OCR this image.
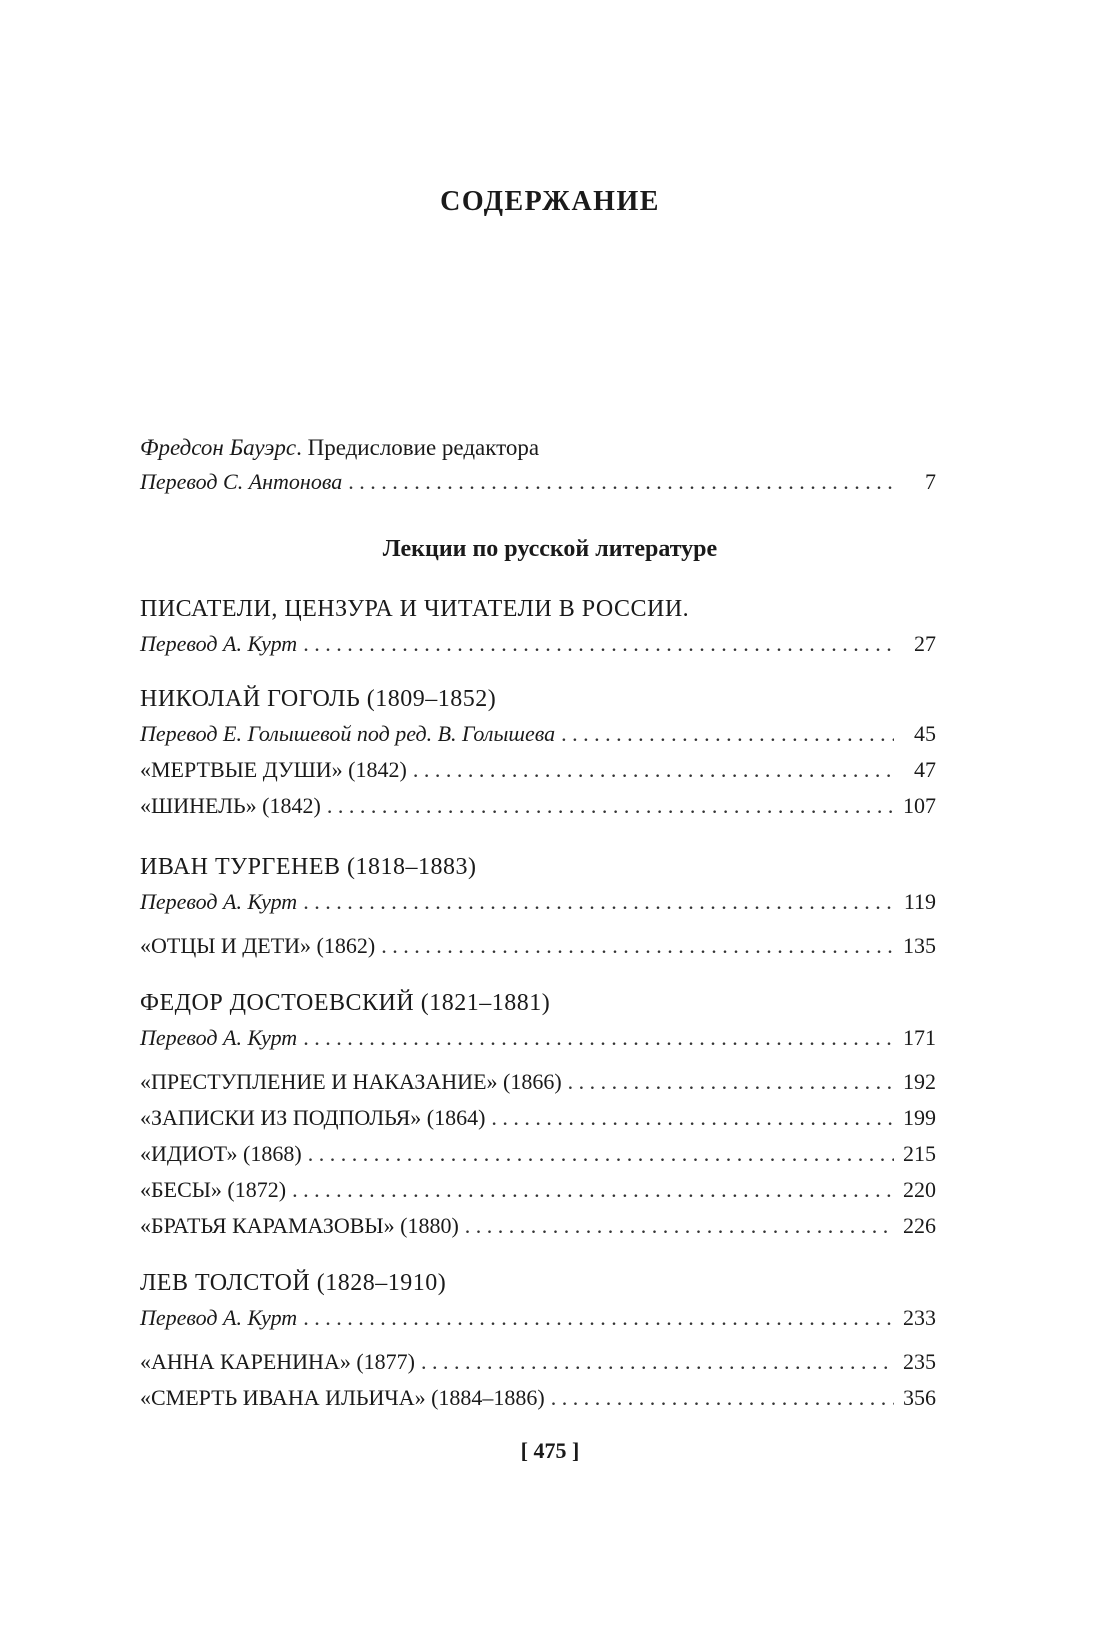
СОДЕРЖАНИЕ
Фредсон Бауэрс. Предисловие редактора
Перевод С. Антонова . . .	7
Лекции по русской литературе
ПИСАТЕЛИ, ЦЕНЗУРА И ЧИТАТЕЛИ В РОССИИ.
Перевод А. Курт . . .	27
НИКОЛАЙ ГОГОЛЬ (1809–1852)
Перевод Е. Голышевой под ред. В. Голышева . . .	45
«МЕРТВЫЕ ДУШИ» (1842) . . .	47
«ШИНЕЛЬ» (1842) . . .	107
ИВАН ТУРГЕНЕВ (1818–1883)
Перевод А. Курт . . .	119
«ОТЦЫ И ДЕТИ» (1862) . . .	135
ФЕДОР ДОСТОЕВСКИЙ (1821–1881)
Перевод А. Курт . . .	171
«ПРЕСТУПЛЕНИЕ И НАКАЗАНИЕ» (1866) . . .	192
«ЗАПИСКИ ИЗ ПОДПОЛЬЯ» (1864) . . .	199
«ИДИОТ» (1868) . . .	215
«БЕСЫ» (1872) . . .	220
«БРАТЬЯ КАРАМАЗОВЫ» (1880) . . .	226
ЛЕВ ТОЛСТОЙ (1828–1910)
Перевод А. Курт . . .	233
«АННА КАРЕНИНА» (1877) . . .	235
«СМЕРТЬ ИВАНА ИЛЬИЧА» (1884–1886) . . .	356
[ 475 ]
